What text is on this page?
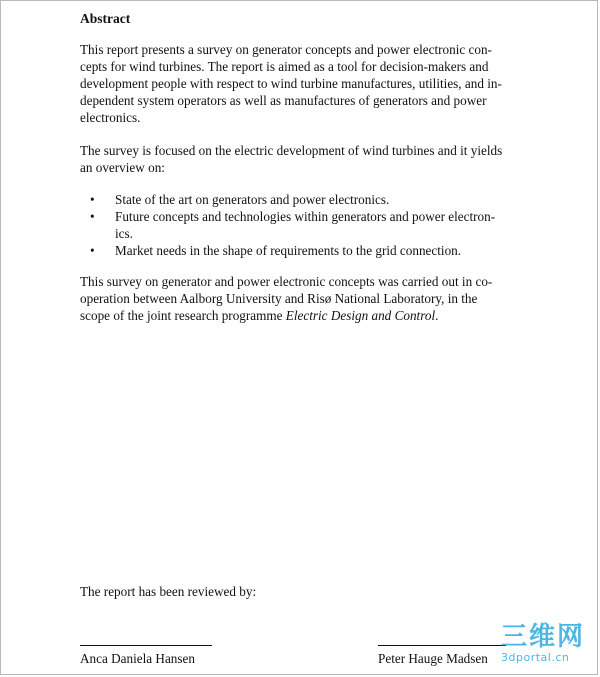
Abstract

This report presents a survey on generator concepts and power electronic con-
cepts for wind turbines. The report is aimed as a tool for decision-makers and
development people with respect to wind turbine manufactures, utilities, and in-
dependent system operators as well as manufactures of generators and power
electronics.

The survey is focused on the electric development of wind turbines and it yields
an overview on:

• State of the art on generators and power electronics.
• Future concepts and technologies within generators and power electron-
ics.
• Market needs in the shape of requirements to the grid connection.

This survey on generator and power electronic concepts was carried out in co-
operation between Aalborg University and Risø National Laboratory, in the
scope of the joint research programme Electric Design and Control.

The report has been reviewed by:
Anca Daniela Hansen	Peter Hauge Madsen
三维网
3dportal.cn
